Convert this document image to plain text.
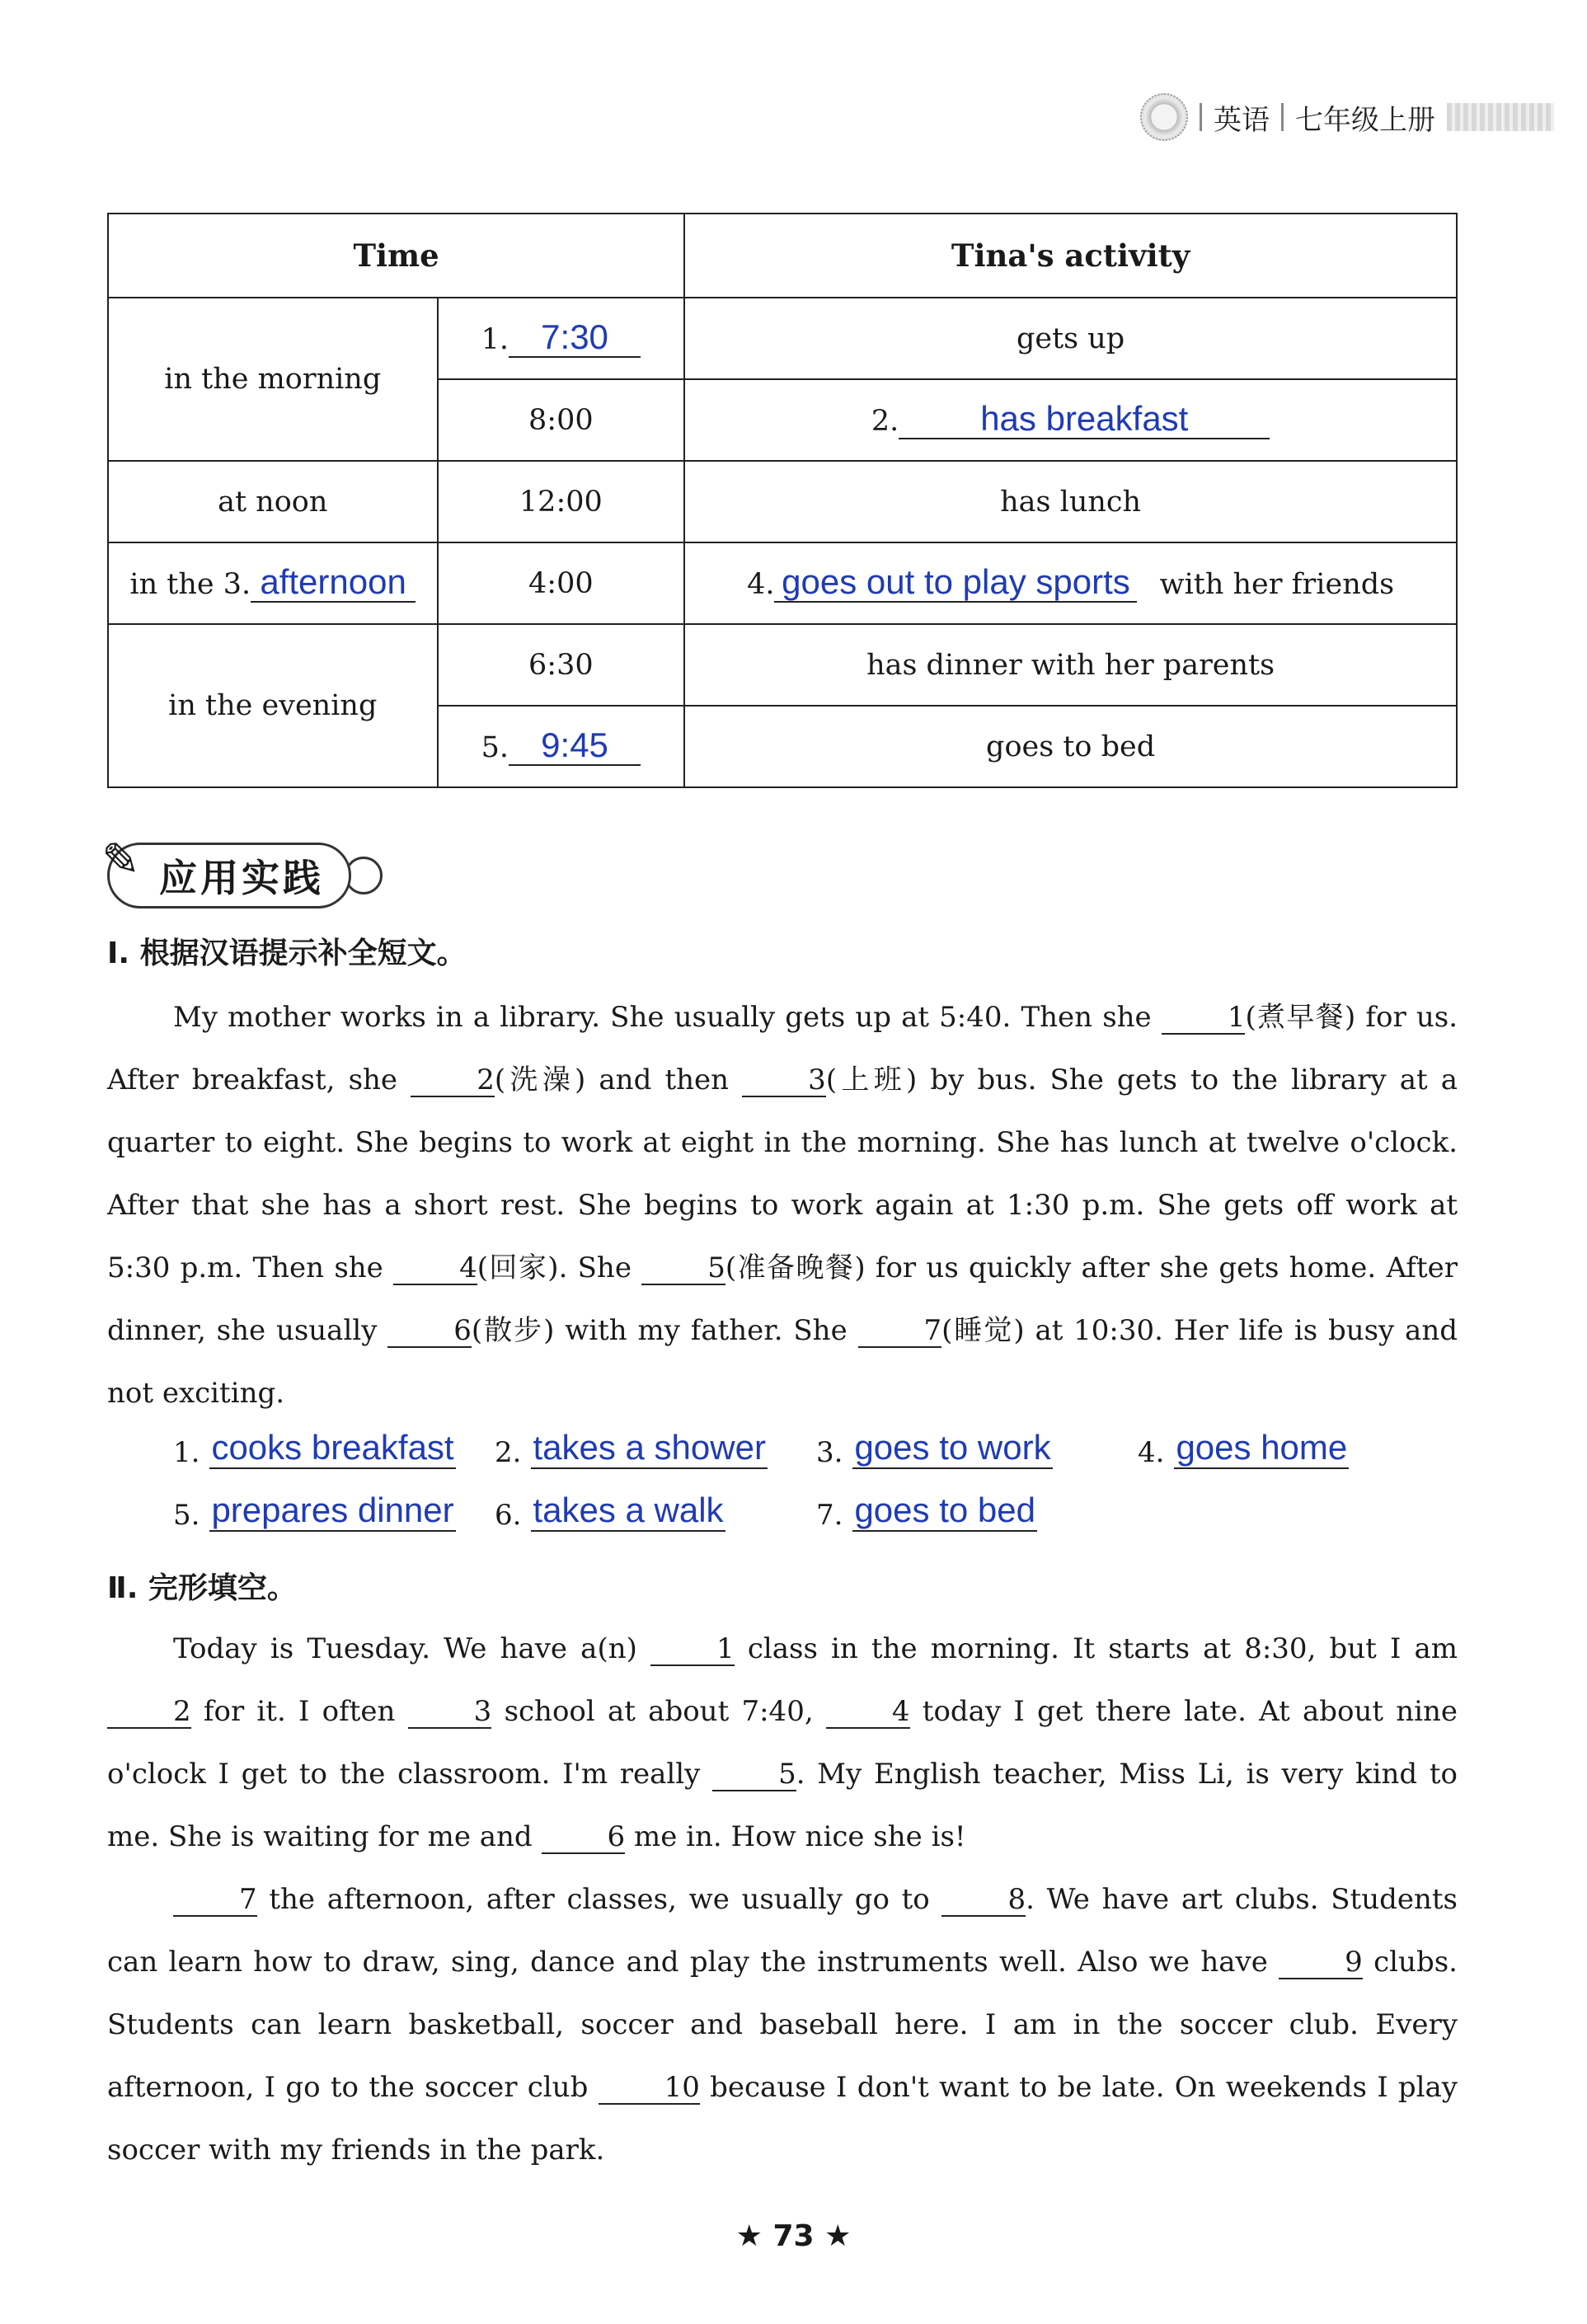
英语 七年级上册
Time		Tina's activity
in the morning	1. 7:30	gets up
	8:00	2. has breakfast
at noon	12:00	has lunch
in the 3. afternoon	4:00	4. goes out to play sports with her friends
in the evening	6:30	has dinner with her parents
	5. 9:45	goes to bed
✎ 应用实践
Ⅰ. 根据汉语提示补全短文。

My mother works in a library. She usually gets up at 5:40. Then she	1(煮早餐) for us. After breakfast, she	2(洗澡) and then	3(上班) by bus. She gets to the library at a quarter to eight. She begins to work at eight in the morning. She has lunch at twelve o'clock. After that she has a short rest. She begins to work again at 1:30 p.m. She gets off work at 5:30 p.m. Then she	4(回家). She	5(准备晚餐) for us quickly after she gets home. After dinner, she usually	6(散步) with my father. She	7(睡觉) at 10:30. Her life is busy and not exciting.

1. cooks breakfast 2. takes a shower 3. goes to work	4. goes home
5. prepares dinner 6. takes a walk	7. goes to bed
Ⅱ. 完形填空。

Today is Tuesday. We have a(n)	1 class in the morning. It starts at 8:30, but I am 2 for it. I often	3 school at about 7:40,	4 today I get there late. At about nine o'clock I get to the classroom. I'm really	5. My English teacher, Miss Li, is very kind to me. She is waiting for me and	6 me in. How nice she is!

7 the afternoon, after classes, we usually go to	8. We have art clubs. Students can learn how to draw, sing, dance and play the instruments well. Also we have	9 clubs. Students can learn basketball, soccer and baseball here. I am in the soccer club. Every afternoon, I go to the soccer club	10 because I don't want to be late. On weekends I play soccer with my friends in the park.

★ 73 ★
